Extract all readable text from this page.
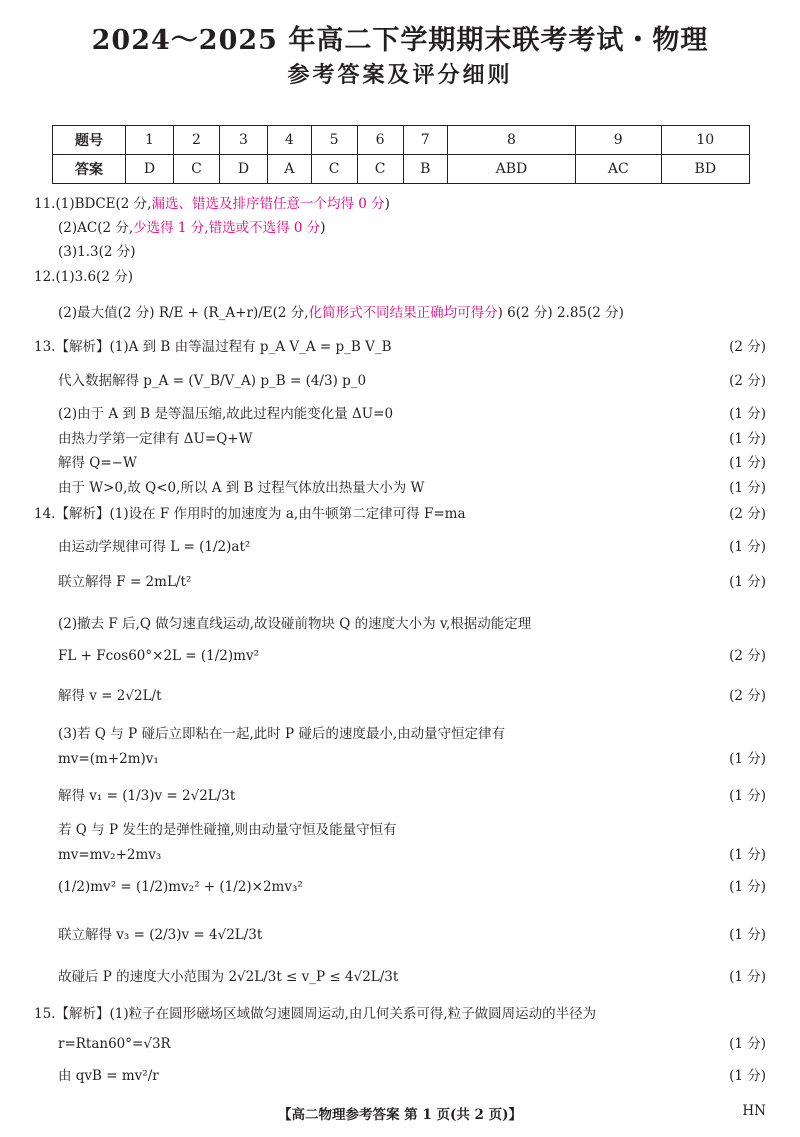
2024～2025 年高二下学期期末联考考试・物理
参考答案及评分细则
题号	1	2	3	4	5	6	7	8	9	10
答案	D	C	D	A	C	C	B	ABD	AC	BD
11.(1)BDCE(2 分,漏选、错选及排序错任意一个均得 0 分)
(2)AC(2 分,少选得 1 分,错选或不选得 0 分)
(3)1.3(2 分)
12.(1)3.6(2 分)
(2)最大值(2 分) R/E + (R_A+r)/E(2 分,化简形式不同结果正确均可得分) 6(2 分) 2.85(2 分)
13.【解析】(1)A 到 B 由等温过程有 p_A V_A = p_B V_B	(2 分)
代入数据解得 p_A = (V_B/V_A) p_B = (4/3) p_0	(2 分)
(2)由于 A 到 B 是等温压缩,故此过程内能变化量 ΔU=0	(1 分)
由热力学第一定律有 ΔU=Q+W	(1 分)
解得 Q=−W	(1 分)
由于 W>0,故 Q<0,所以 A 到 B 过程气体放出热量大小为 W	(1 分)
14.【解析】(1)设在 F 作用时的加速度为 a,由牛顿第二定律可得 F=ma	(2 分)
由运动学规律可得 L = (1/2)at²	(1 分)
联立解得 F = 2mL/t²	(1 分)
(2)撤去 F 后,Q 做匀速直线运动,故设碰前物块 Q 的速度大小为 v,根据动能定理
FL + Fcos60°×2L = (1/2)mv²	(2 分)
解得 v = 2√2L/t	(2 分)
(3)若 Q 与 P 碰后立即粘在一起,此时 P 碰后的速度最小,由动量守恒定律有
mv=(m+2m)v₁	(1 分)
解得 v₁ = (1/3)v = 2√2L/3t	(1 分)
若 Q 与 P 发生的是弹性碰撞,则由动量守恒及能量守恒有
mv=mv₂+2mv₃	(1 分)
(1/2)mv² = (1/2)mv₂² + (1/2)×2mv₃²	(1 分)
联立解得 v₃ = (2/3)v = 4√2L/3t	(1 分)
故碰后 P 的速度大小范围为 2√2L/3t ≤ v_P ≤ 4√2L/3t	(1 分)
15.【解析】(1)粒子在圆形磁场区域做匀速圆周运动,由几何关系可得,粒子做圆周运动的半径为
r=Rtan60°=√3R	(1 分)
由 qvB = mv²/r	(1 分)
【高二物理参考答案 第 1 页(共 2 页)】	HN
